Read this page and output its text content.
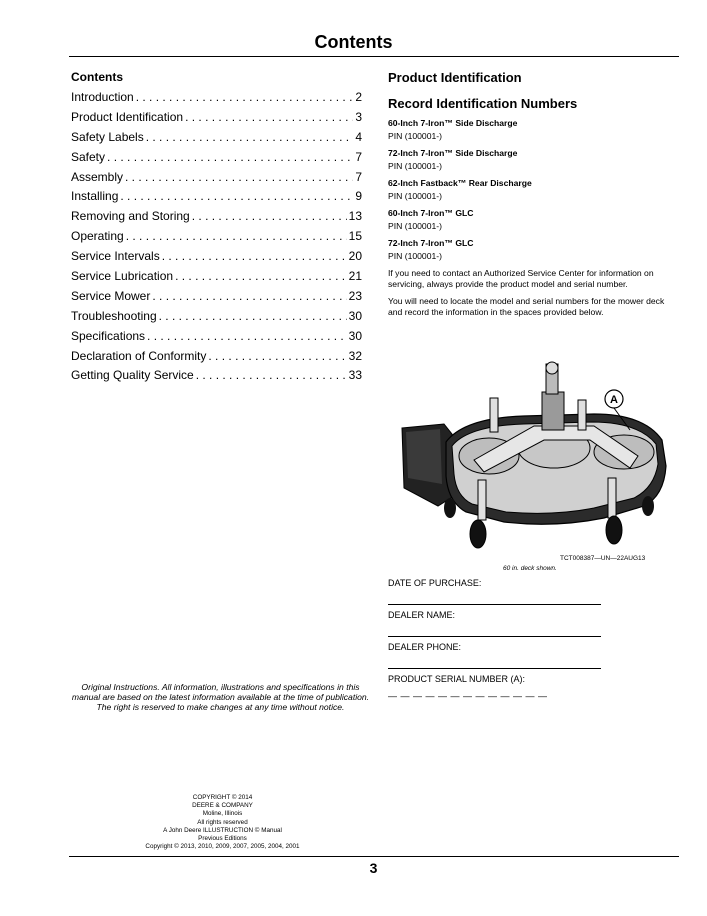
Contents
Contents
Introduction . . .	2
Product Identification . . .	3
Safety Labels . . .	4
Safety . . .	7
Assembly . . .	7
Installing . . .	9
Removing and Storing . . .	13
Operating . . .	15
Service Intervals . . .	20
Service Lubrication . . .	21
Service Mower . . .	23
Troubleshooting . . .	30
Specifications . . .	30
Declaration of Conformity . . .	32
Getting Quality Service . . .	33
Product Identification
Record Identification Numbers
60-Inch 7-Iron™ Side Discharge
PIN (100001-)
72-Inch 7-Iron™ Side Discharge
PIN (100001-)
62-Inch Fastback™ Rear Discharge
PIN (100001-)
60-Inch 7-Iron™ GLC
PIN (100001-)
72-Inch 7-Iron™ GLC
PIN (100001-)
If you need to contact an Authorized Service Center for information on servicing, always provide the product model and serial number.
You will need to locate the model and serial numbers for the mower deck and record the information in the spaces provided below.
A
TCT008387—UN—22AUG13
60 in. deck shown.
DATE OF PURCHASE:
DEALER NAME:
DEALER PHONE:
PRODUCT SERIAL NUMBER (A):
— — — — — — — — — — — — —
Original Instructions. All information, illustrations and specifications in this manual are based on the latest information available at the time of publication.
The right is reserved to make changes at any time without notice.
COPYRIGHT © 2014
DEERE & COMPANY
Moline, Illinois
All rights reserved
A John Deere ILLUSTRUCTION © Manual
Previous Editions
Copyright © 2013, 2010, 2009, 2007, 2005, 2004, 2001
3
